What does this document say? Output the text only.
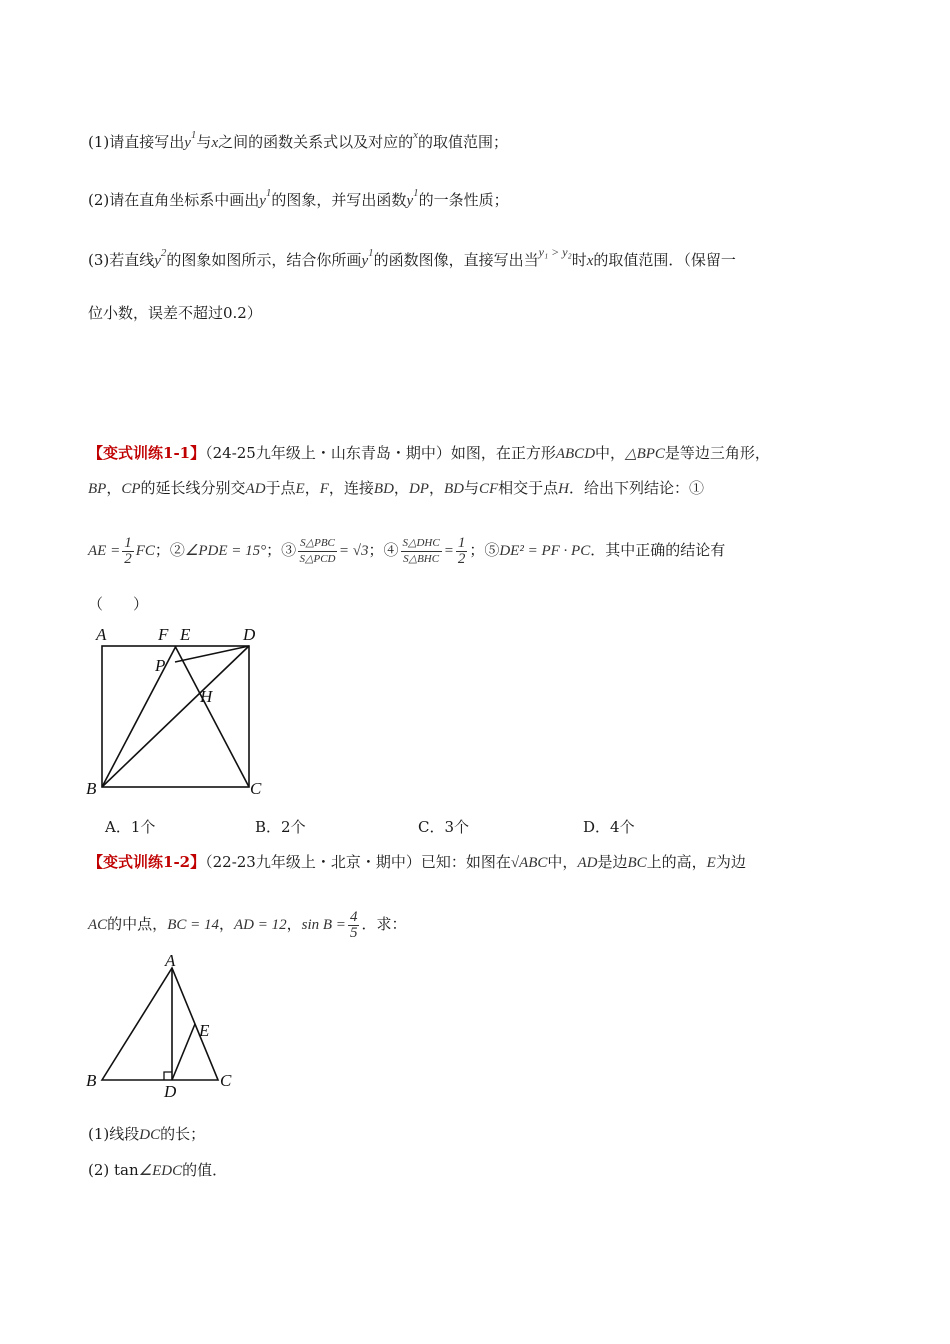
(1)请直接写出$y^1$与x之间的函数关系式以及对应的$^x$的取值范围；
(2)请在直角坐标系中画出$y^1$的图象，并写出函数$y^1$的一条性质；
(3)若直线$y^2$的图象如图所示，结合你所画$y^1$的函数图像，直接写出当$^{y_1 > y_2}$时x的取值范围．（保留一
位小数，误差不超过0.2）
【变式训练1-1】（24-25九年级上・山东青岛・期中）如图，在正方形ABCD中，△BPC是等边三角形，
BP，CP的延长线分别交AD于点E，F，连接BD，DP，BD与CF相交于点H．给出下列结论：①
AE = $\frac{1}{2}$ FC；②∠PDE = 15°；③ $\frac{\text{S△PBC}}{\text{S△PCD}} = √3$；④ $\frac{\text{S△DHC}}{\text{S△BHC}} = \frac{1}{2}$ ；⑤DE² = PF · PC．其中正确的结论有
（　　）
A	F E	D
P
H
B	C
A．1个	B．2个	C．3个	D．4个
【变式训练1-2】（22-23九年级上・北京・期中）已知：如图在√ABC中，AD是边BC上的高，E为边
AC的中点，BC = 14，AD = 12，$\sin B = \frac{4}{5}$ ．求：
A
E
B
D
C
(1)线段DC的长；
(2) tan∠EDC的值．
